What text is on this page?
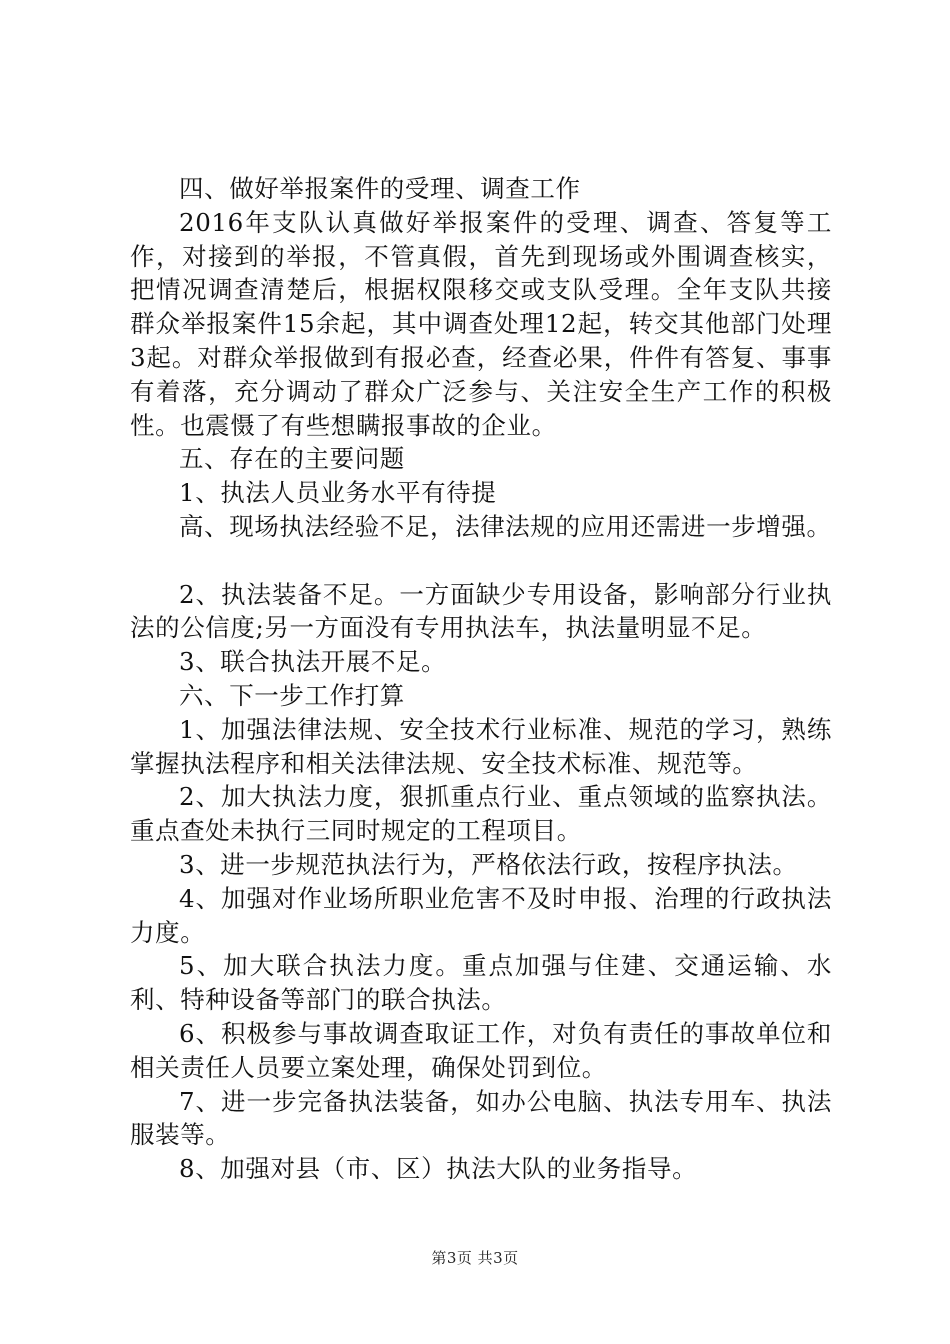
四、做好举报案件的受理、调查工作

2016年支队认真做好举报案件的受理、调查、答复等工作，对接到的举报，不管真假，首先到现场或外围调查核实，把情况调查清楚后，根据权限移交或支队受理。全年支队共接群众举报案件15余起，其中调查处理12起，转交其他部门处理3起。对群众举报做到有报必查，经查必果，件件有答复、事事有着落，充分调动了群众广泛参与、关注安全生产工作的积极性。也震慑了有些想瞒报事故的企业。

五、存在的主要问题

1、执法人员业务水平有待提

高、现场执法经验不足，法律法规的应用还需进一步增强。

2、执法装备不足。一方面缺少专用设备，影响部分行业执法的公信度;另一方面没有专用执法车，执法量明显不足。

3、联合执法开展不足。

六、下一步工作打算

1、加强法律法规、安全技术行业标准、规范的学习，熟练掌握执法程序和相关法律法规、安全技术标准、规范等。

2、加大执法力度，狠抓重点行业、重点领域的监察执法。重点查处未执行三同时规定的工程项目。

3、进一步规范执法行为，严格依法行政，按程序执法。

4、加强对作业场所职业危害不及时申报、治理的行政执法力度。

5、加大联合执法力度。重点加强与住建、交通运输、水利、特种设备等部门的联合执法。

6、积极参与事故调查取证工作，对负有责任的事故单位和相关责任人员要立案处理，确保处罚到位。

7、进一步完备执法装备，如办公电脑、执法专用车、执法服装等。

8、加强对县（市、区）执法大队的业务指导。

第3页 共3页
